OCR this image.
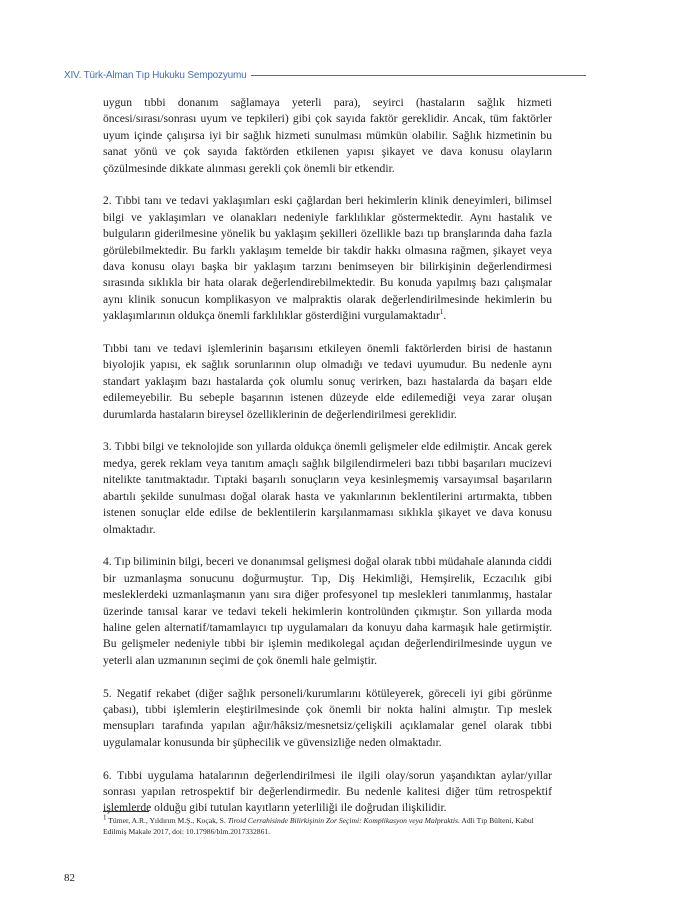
XIV. Türk-Alman Tıp Hukuku Sempozyumu

uygun tıbbi donanım sağlamaya yeterli para), seyirci (hastaların sağlık hizmeti öncesi/sırası/sonrası uyum ve tepkileri) gibi çok sayıda faktör gereklidir. Ancak, tüm faktörler uyum içinde çalışırsa iyi bir sağlık hizmeti sunulması mümkün olabilir. Sağlık hizmetinin bu sanat yönü ve çok sayıda faktörden etkilenen yapısı şikayet ve dava konusu olayların çözülmesinde dikkate alınması gerekli çok önemli bir etkendir.

2. Tıbbi tanı ve tedavi yaklaşımları eski çağlardan beri hekimlerin klinik deneyimleri, bilimsel bilgi ve yaklaşımları ve olanakları nedeniyle farklılıklar göstermektedir. Aynı hastalık ve bulguların giderilmesine yönelik bu yaklaşım şekilleri özellikle bazı tıp branşlarında daha fazla görülebilmektedir. Bu farklı yaklaşım temelde bir takdir hakkı olmasına rağmen, şikayet veya dava konusu olayı başka bir yaklaşım tarzını benimseyen bir bilirkişinin değerlendirmesi sırasında sıklıkla bir hata olarak değerlendirebilmektedir. Bu konuda yapılmış bazı çalışmalar aynı klinik sonucun komplikasyon ve malpraktis olarak değerlendirilmesinde hekimlerin bu yaklaşımlarının oldukça önemli farklılıklar gösterdiğini vurgulamaktadır$^1$.

Tıbbi tanı ve tedavi işlemlerinin başarısını etkileyen önemli faktörlerden birisi de hastanın biyolojik yapısı, ek sağlık sorunlarının olup olmadığı ve tedavi uyumudur. Bu nedenle aynı standart yaklaşım bazı hastalarda çok olumlu sonuç verirken, bazı hastalarda da başarı elde edilemeyebilir. Bu sebeple başarının istenen düzeyde elde edilemediği veya zarar oluşan durumlarda hastaların bireysel özelliklerinin de değerlendirilmesi gereklidir.

3. Tıbbi bilgi ve teknolojide son yıllarda oldukça önemli gelişmeler elde edilmiştir. Ancak gerek medya, gerek reklam veya tanıtım amaçlı sağlık bilgilendirmeleri bazı tıbbi başarıları mucizevi nitelikte tanıtmaktadır. Tıptaki başarılı sonuçların veya kesinleşmemiş varsayımsal başarıların abartılı şekilde sunulması doğal olarak hasta ve yakınlarının beklentilerini artırmakta, tıbben istenen sonuçlar elde edilse de beklentilerin karşılanmaması sıklıkla şikayet ve dava konusu olmaktadır.

4. Tıp biliminin bilgi, beceri ve donanımsal gelişmesi doğal olarak tıbbi müdahale alanında ciddi bir uzmanlaşma sonucunu doğurmuştur. Tıp, Diş Hekimliği, Hemşirelik, Eczacılık gibi mesleklerdeki uzmanlaşmanın yanı sıra diğer profesyonel tıp meslekleri tanımlanmış, hastalar üzerinde tanısal karar ve tedavi tekeli hekimlerin kontrolünden çıkmıştır. Son yıllarda moda haline gelen alternatif/tamamlayıcı tıp uygulamaları da konuyu daha karmaşık hale getirmiştir. Bu gelişmeler nedeniyle tıbbi bir işlemin medikolegal açıdan değerlendirilmesinde uygun ve yeterli alan uzmanının seçimi de çok önemli hale gelmiştir.

5. Negatif rekabet (diğer sağlık personeli/kurumlarını kötüleyerek, göreceli iyi gibi görünme çabası), tıbbi işlemlerin eleştirilmesinde çok önemli bir nokta halini almıştır. Tıp meslek mensupları tarafında yapılan ağır/hâksiz/mesnetsiz/çelişkili açıklamalar genel olarak tıbbi uygulamalar konusunda bir şüphecilik ve güvensizliğe neden olmaktadır.

6. Tıbbi uygulama hatalarının değerlendirilmesi ile ilgili olay/sorun yaşandıktan aylar/yıllar sonrası yapılan retrospektif bir değerlendirmedir. Bu nedenle kalitesi diğer tüm retrospektif işlemlerde olduğu gibi tutulan kayıtların yeterliliği ile doğrudan ilişkilidir.

$^1$ Tümer, A.R., Yıldırım M.Ş., Koçak, S. Tiroid Cerrahisinde Bilirkişinin Zor Seçimi: Komplikasyon veya Malpraktis. Adli Tıp Bülteni, Kabul Edilmiş Makale 2017, doi: 10.17986/blm.2017332861.
82
